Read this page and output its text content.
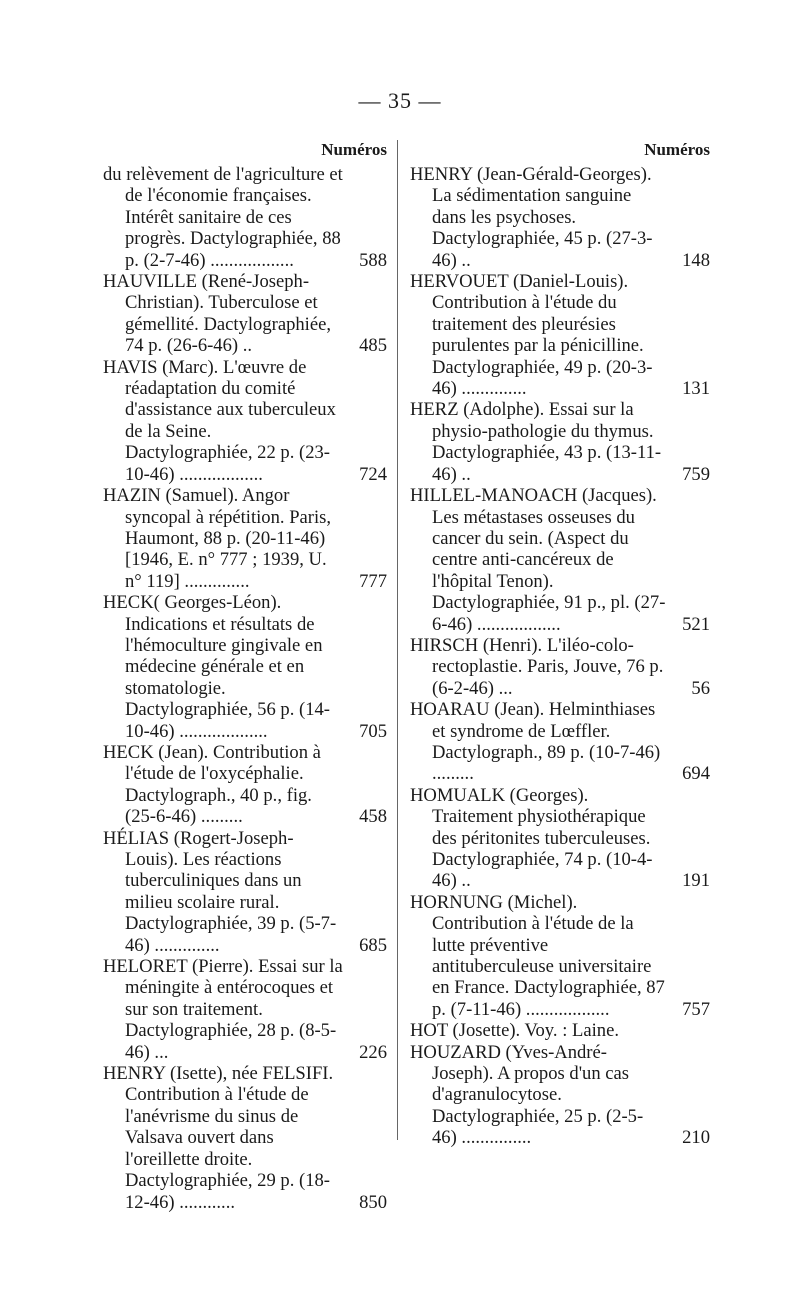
— 35 —
Numéros

du relèvement de l'agriculture et de l'économie françaises. Intérêt sanitaire de ces progrès. Dactylographiée, 88 p. (2-7-46) ..................	588

HAUVILLE (René-Joseph-Christian). Tuberculose et gémellité. Dactylographiée, 74 p. (26-6-46) ..	485

HAVIS (Marc). L'œuvre de réadaptation du comité d'assistance aux tuberculeux de la Seine. Dactylographiée, 22 p. (23-10-46) ..................	724

HAZIN (Samuel). Angor syncopal à répétition. Paris, Haumont, 88 p. (20-11-46) [1946, E. n° 777 ; 1939, U. n° 119] ..............	777

HECK( Georges-Léon). Indications et résultats de l'hémoculture gingivale en médecine générale et en stomatologie. Dactylographiée, 56 p. (14-10-46) ...................	705

HECK (Jean). Contribution à l'étude de l'oxycéphalie. Dactylograph., 40 p., fig. (25-6-46) .........	458

HÉLIAS (Rogert-Joseph-Louis). Les réactions tuberculiniques dans un milieu scolaire rural. Dactylographiée, 39 p. (5-7-46) ..............	685

HELORET (Pierre). Essai sur la méningite à entérocoques et sur son traitement. Dactylographiée, 28 p. (8-5-46) ...	226

HENRY (Isette), née FELSIFI. Contribution à l'étude de l'anévrisme du sinus de Valsava ouvert dans l'oreillette droite. Dactylographiée, 29 p. (18-12-46) ............	850

Numéros

HENRY (Jean-Gérald-Georges). La sédimentation sanguine dans les psychoses. Dactylographiée, 45 p. (27-3-46) ..	148

HERVOUET (Daniel-Louis). Contribution à l'étude du traitement des pleurésies purulentes par la pénicilline. Dactylographiée, 49 p. (20-3-46) ..............	131

HERZ (Adolphe). Essai sur la physio-pathologie du thymus. Dactylographiée, 43 p. (13-11-46) ..	759

HILLEL-MANOACH (Jacques). Les métastases osseuses du cancer du sein. (Aspect du centre anti-cancéreux de l'hôpital Tenon). Dactylographiée, 91 p., pl. (27-6-46) ..................	521

HIRSCH (Henri). L'iléo-colo-rectoplastie. Paris, Jouve, 76 p. (6-2-46) ...	56

HOARAU (Jean). Helminthiases et syndrome de Lœffler. Dactylograph., 89 p. (10-7-46) .........	694

HOMUALK (Georges). Traitement physiothérapique des péritonites tuberculeuses. Dactylographiée, 74 p. (10-4-46) ..	191

HORNUNG (Michel). Contribution à l'étude de la lutte préventive antituberculeuse universitaire en France. Dactylographiée, 87 p. (7-11-46) ..................	757

HOT (Josette). Voy. : Laine.

HOUZARD (Yves-André-Joseph). A propos d'un cas d'agranulocytose. Dactylographiée, 25 p. (2-5-46) ...............	210
